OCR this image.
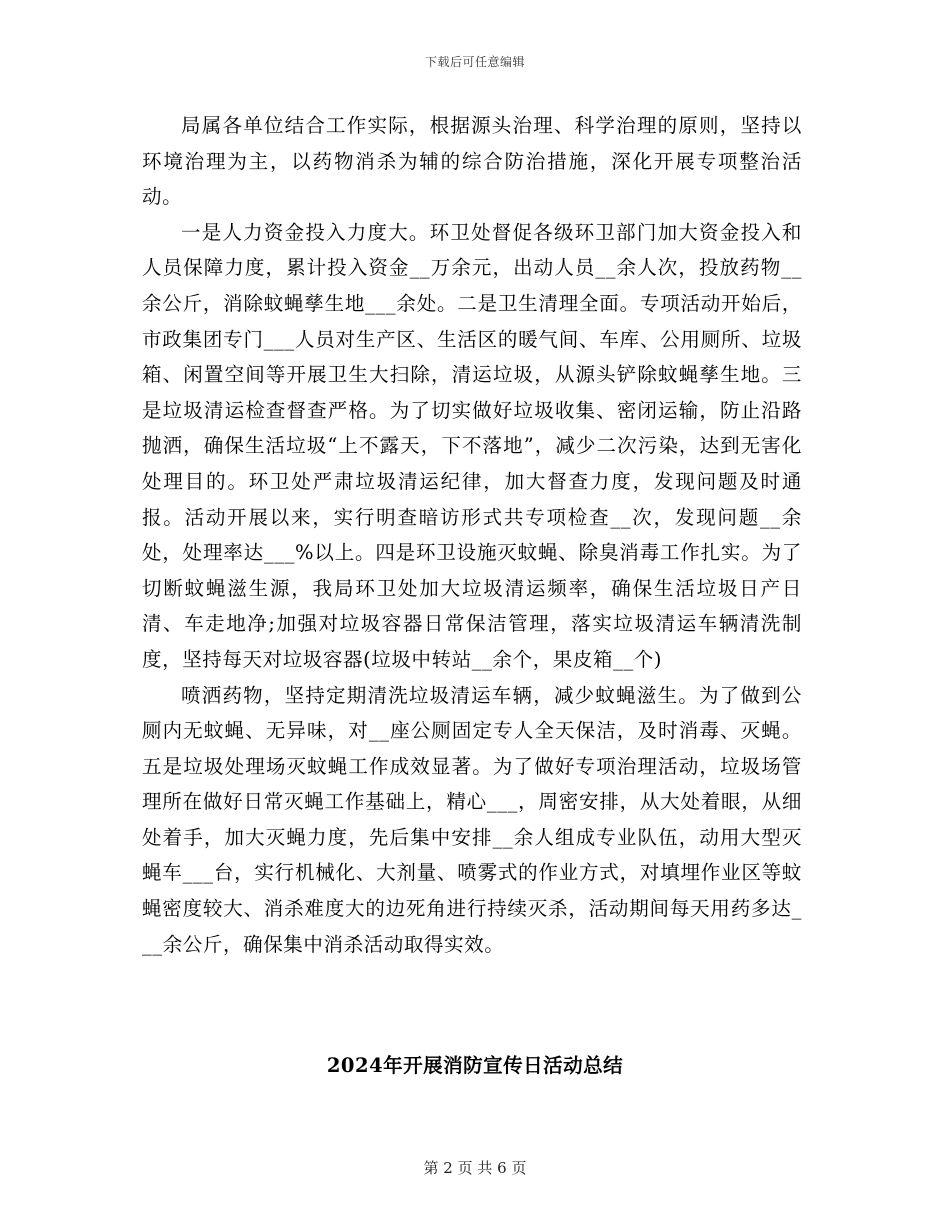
下载后可任意编辑

局属各单位结合工作实际，根据源头治理、科学治理的原则，坚持以环境治理为主，以药物消杀为辅的综合防治措施，深化开展专项整治活动。

一是人力资金投入力度大。环卫处督促各级环卫部门加大资金投入和人员保障力度，累计投入资金__万余元，出动人员__余人次，投放药物__余公斤，消除蚊蝇孳生地___余处。二是卫生清理全面。专项活动开始后，市政集团专门___人员对生产区、生活区的暖气间、车库、公用厕所、垃圾箱、闲置空间等开展卫生大扫除，清运垃圾，从源头铲除蚊蝇孳生地。三是垃圾清运检查督查严格。为了切实做好垃圾收集、密闭运输，防止沿路抛洒，确保生活垃圾“上不露天，下不落地”，减少二次污染，达到无害化处理目的。环卫处严肃垃圾清运纪律，加大督查力度，发现问题及时通报。活动开展以来，实行明查暗访形式共专项检查__次，发现问题__余处，处理率达___%以上。四是环卫设施灭蚊蝇、除臭消毒工作扎实。为了切断蚊蝇滋生源，我局环卫处加大垃圾清运频率，确保生活垃圾日产日清、车走地净;加强对垃圾容器日常保洁管理，落实垃圾清运车辆清洗制度，坚持每天对垃圾容器(垃圾中转站__余个，果皮箱__个)

喷洒药物，坚持定期清洗垃圾清运车辆，减少蚊蝇滋生。为了做到公厕内无蚊蝇、无异味，对__座公厕固定专人全天保洁，及时消毒、灭蝇。五是垃圾处理场灭蚊蝇工作成效显著。为了做好专项治理活动，垃圾场管理所在做好日常灭蝇工作基础上，精心___，周密安排，从大处着眼，从细处着手，加大灭蝇力度，先后集中安排__余人组成专业队伍，动用大型灭蝇车___台，实行机械化、大剂量、喷雾式的作业方式，对填埋作业区等蚊蝇密度较大、消杀难度大的边死角进行持续灭杀，活动期间每天用药多达___余公斤，确保集中消杀活动取得实效。

2024年开展消防宣传日活动总结
第 2 页 共 6 页
